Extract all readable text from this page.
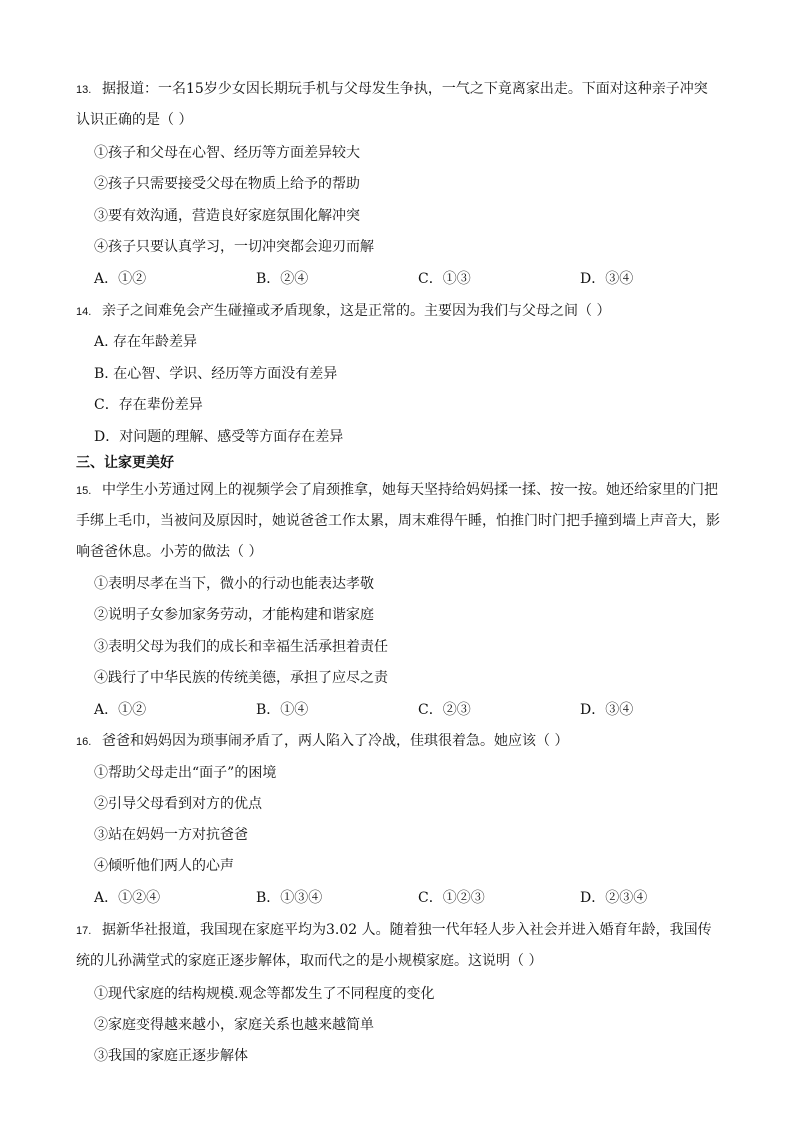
13. 据报道：一名15岁少女因长期玩手机与父母发生争执，一气之下竟离家出走。下面对这种亲子冲突
认识正确的是（ ）
①孩子和父母在心智、经历等方面差异较大
②孩子只需要接受父母在物质上给予的帮助
③要有效沟通，营造良好家庭氛围化解冲突
④孩子只要认真学习，一切冲突都会迎刃而解
A．①②	B．②④	C．①③	D．③④
14. 亲子之间难免会产生碰撞或矛盾现象，这是正常的。主要因为我们与父母之间（ ）
A. 存在年龄差异
B. 在心智、学识、经历等方面没有差异
C．存在辈份差异
D．对问题的理解、感受等方面存在差异
三、让家更美好
15. 中学生小芳通过网上的视频学会了肩颈推拿，她每天坚持给妈妈揉一揉、按一按。她还给家里的门把
手绑上毛巾，当被问及原因时，她说爸爸工作太累，周末难得午睡，怕推门时门把手撞到墙上声音大，影
响爸爸休息。小芳的做法（ ）
①表明尽孝在当下，微小的行动也能表达孝敬
②说明子女参加家务劳动，才能构建和谐家庭
③表明父母为我们的成长和幸福生活承担着责任
④践行了中华民族的传统美德，承担了应尽之责
A．①②	B．①④	C．②③	D．③④
16. 爸爸和妈妈因为琐事闹矛盾了，两人陷入了冷战，佳琪很着急。她应该（ ）
①帮助父母走出“面子”的困境
②引导父母看到对方的优点
③站在妈妈一方对抗爸爸
④倾听他们两人的心声
A．①②④	B．①③④	C．①②③	D．②③④
17. 据新华社报道，我国现在家庭平均为3.02 人。随着独一代年轻人步入社会并进入婚育年龄，我国传
统的儿孙满堂式的家庭正逐步解体，取而代之的是小规模家庭。这说明（ ）
①现代家庭的结构规模.观念等都发生了不同程度的变化
②家庭变得越来越小，家庭关系也越来越简单
③我国的家庭正逐步解体
